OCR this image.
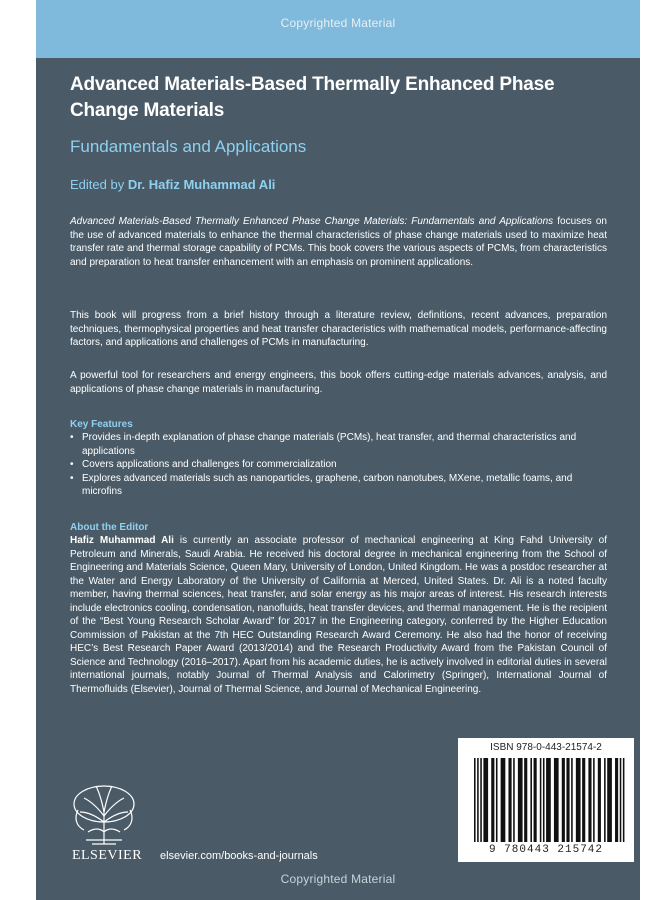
Copyrighted Material
Advanced Materials-Based Thermally Enhanced Phase Change Materials
Fundamentals and Applications
Edited by Dr. Hafiz Muhammad Ali
Advanced Materials-Based Thermally Enhanced Phase Change Materials: Fundamentals and Applications focuses on the use of advanced materials to enhance the thermal characteristics of phase change materials used to maximize heat transfer rate and thermal storage capability of PCMs. This book covers the various aspects of PCMs, from characteristics and preparation to heat transfer enhancement with an emphasis on prominent applications.
This book will progress from a brief history through a literature review, definitions, recent advances, preparation techniques, thermophysical properties and heat transfer characteristics with mathematical models, performance-affecting factors, and applications and challenges of PCMs in manufacturing.
A powerful tool for researchers and energy engineers, this book offers cutting-edge materials advances, analysis, and applications of phase change materials in manufacturing.
Key Features
• Provides in-depth explanation of phase change materials (PCMs), heat transfer, and thermal characteristics and applications
• Covers applications and challenges for commercialization
• Explores advanced materials such as nanoparticles, graphene, carbon nanotubes, MXene, metallic foams, and microfins
About the Editor
Hafiz Muhammad Ali is currently an associate professor of mechanical engineering at King Fahd University of Petroleum and Minerals, Saudi Arabia. He received his doctoral degree in mechanical engineering from the School of Engineering and Materials Science, Queen Mary, University of London, United Kingdom. He was a postdoc researcher at the Water and Energy Laboratory of the University of California at Merced, United States. Dr. Ali is a noted faculty member, having thermal sciences, heat transfer, and solar energy as his major areas of interest. His research interests include electronics cooling, condensation, nanofluids, heat transfer devices, and thermal management. He is the recipient of the “Best Young Research Scholar Award” for 2017 in the Engineering category, conferred by the Higher Education Commission of Pakistan at the 7th HEC Outstanding Research Award Ceremony. He also had the honor of receiving HEC’s Best Research Paper Award (2013/2014) and the Research Productivity Award from the Pakistan Council of Science and Technology (2016–2017). Apart from his academic duties, he is actively involved in editorial duties in several international journals, notably Journal of Thermal Analysis and Calorimetry (Springer), International Journal of Thermofluids (Elsevier), Journal of Thermal Science, and Journal of Mechanical Engineering.
ELSEVIER	elsevier.com/books-and-journals
ISBN 978-0-443-21574-2
9 780443 215742
Copyrighted Material
